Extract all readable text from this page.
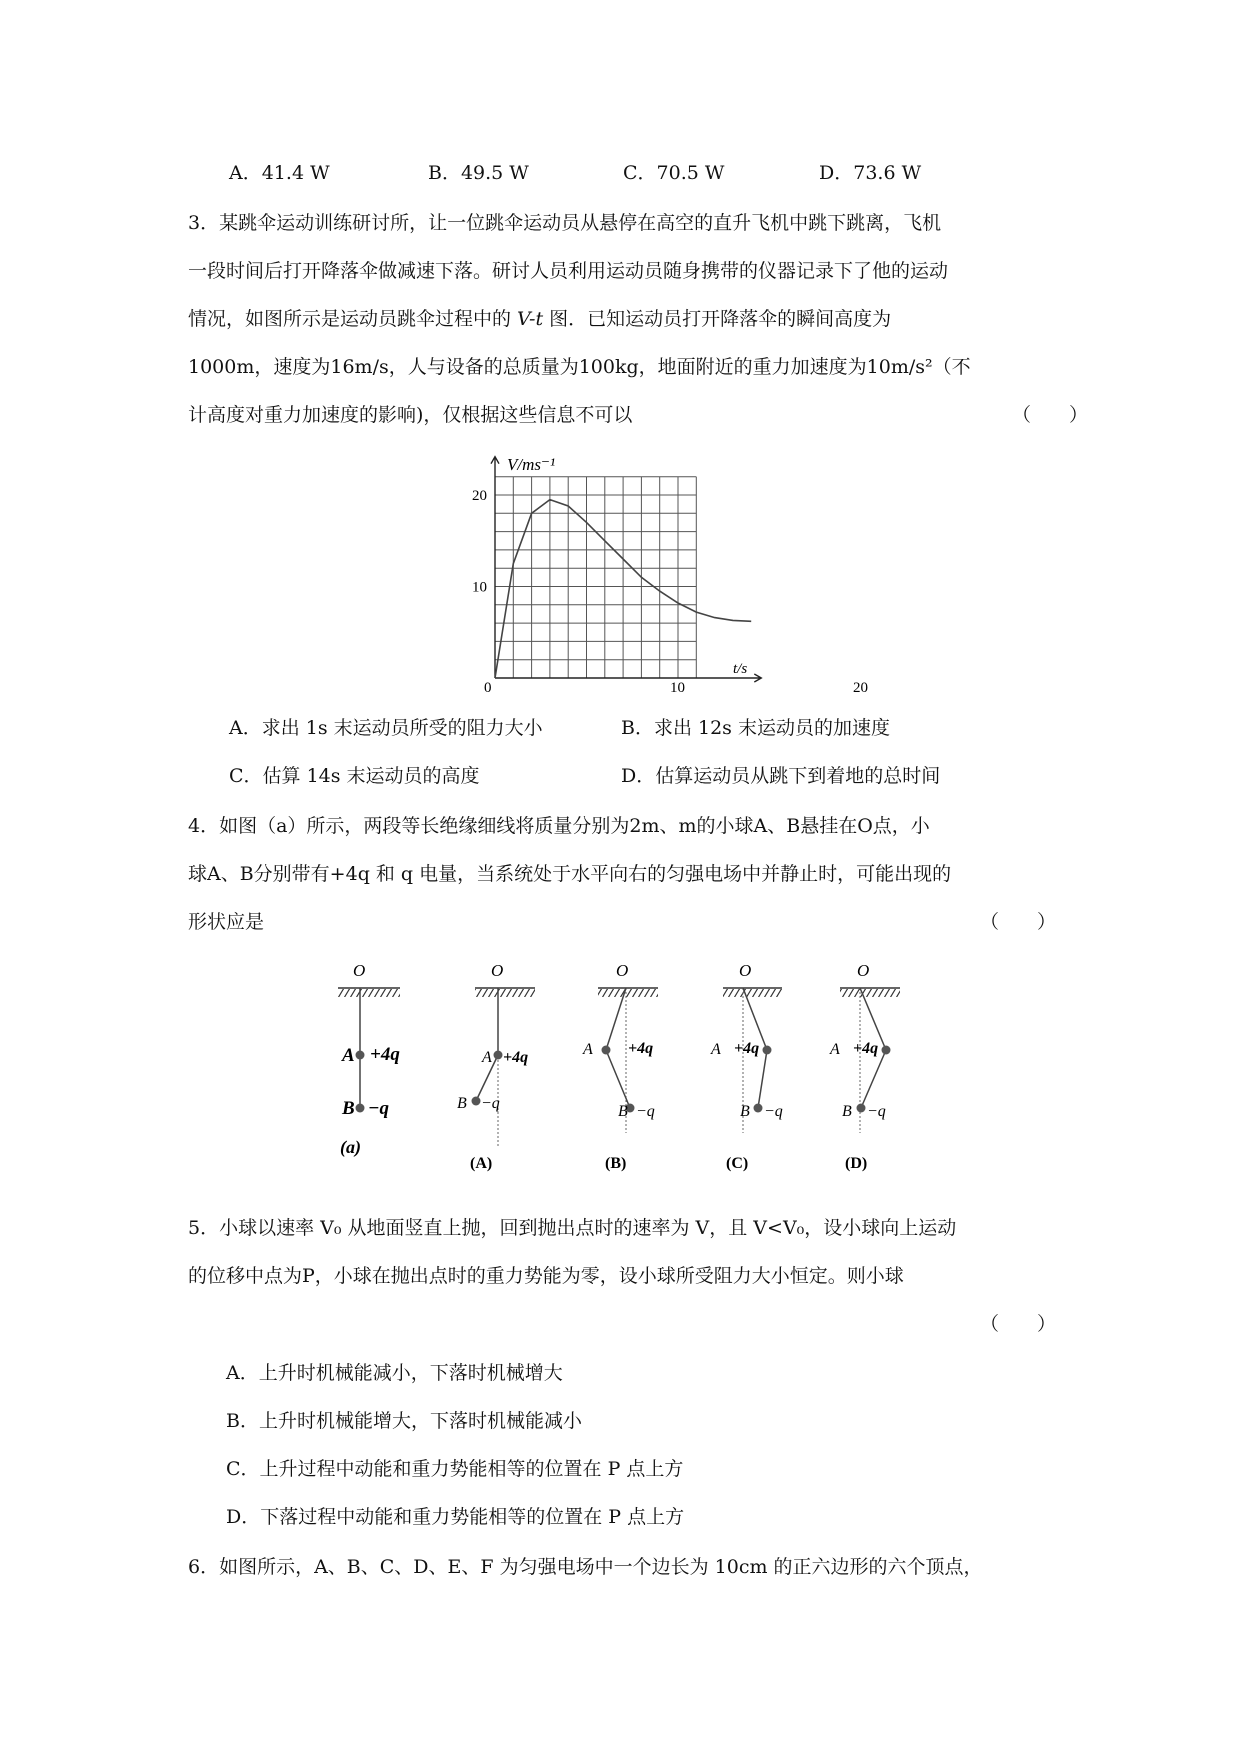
A．41.4 W	B．49.5 W	C．70.5 W	D．73.6 W
3．某跳伞运动训练研讨所，让一位跳伞运动员从悬停在高空的直升飞机中跳下跳离，飞机
一段时间后打开降落伞做减速下落。研讨人员利用运动员随身携带的仪器记录下了他的运动
情况，如图所示是运动员跳伞过程中的 V-t 图．已知运动员打开降落伞的瞬间高度为
1000m，速度为16m/s，人与设备的总质量为100kg，地面附近的重力加速度为10m/s²（不
计高度对重力加速度的影响)，仅根据这些信息不可以	（　　）
V/ms⁻¹
t/s
0
20
10
10	20
A．求出 1s 末运动员所受的阻力大小	B．求出 12s 末运动员的加速度
C．估算 14s 末运动员的高度	D．估算运动员从跳下到着地的总时间
4．如图（a）所示，两段等长绝缘细线将质量分别为2m、m的小球A、B悬挂在O点，小
球A、B分别带有+4q 和 q 电量，当系统处于水平向右的匀强电场中并静止时，可能出现的
形状应是	（　　）
O
A +4q
B −q
(a)
O
A +4q
B −q
(A)
O
A +4q
B −q
(B)
O
A +4q
B −q
(C)
O
A +4q
B −q
(D)
5．小球以速率 V₀ 从地面竖直上抛，回到抛出点时的速率为 V，且 V<V₀，设小球向上运动
的位移中点为P，小球在抛出点时的重力势能为零，设小球所受阻力大小恒定。则小球
（　　）
A．上升时机械能减小，下落时机械增大
B．上升时机械能增大，下落时机械能减小
C．上升过程中动能和重力势能相等的位置在 P 点上方
D．下落过程中动能和重力势能相等的位置在 P 点上方
6．如图所示，A、B、C、D、E、F 为匀强电场中一个边长为 10cm 的正六边形的六个顶点，
